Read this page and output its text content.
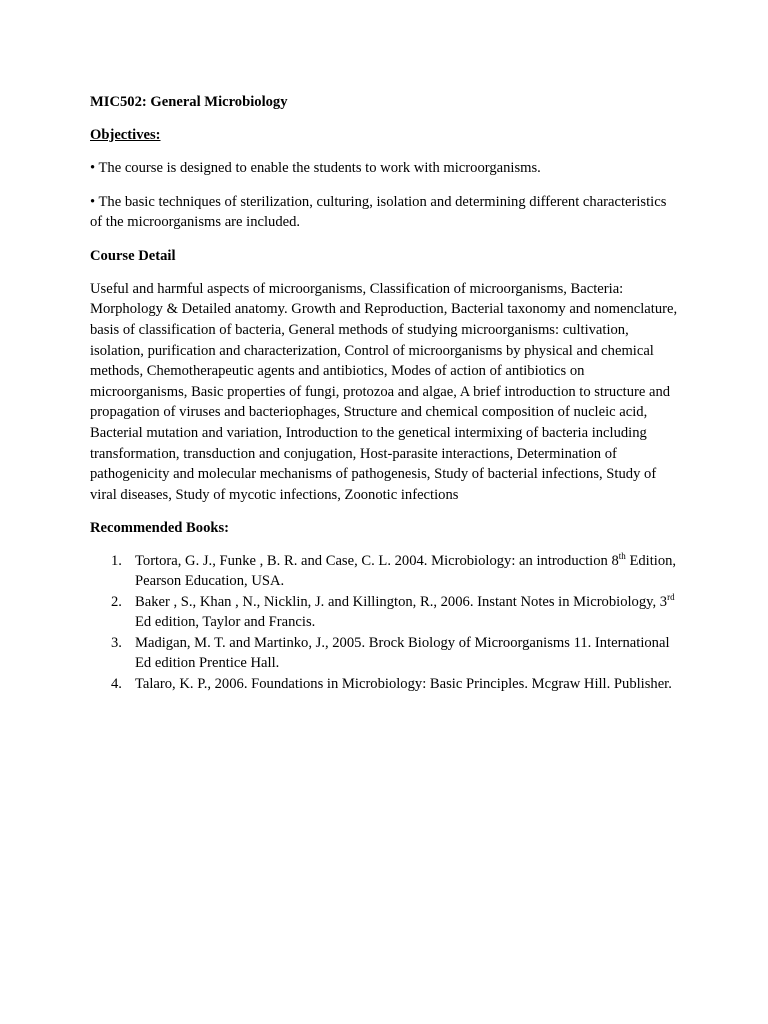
MIC502: General Microbiology
Objectives:
• The course is designed to enable the students to work with microorganisms.
• The basic techniques of sterilization, culturing, isolation and determining different characteristics of the microorganisms are included.
Course Detail
Useful and harmful aspects of microorganisms, Classification of microorganisms, Bacteria: Morphology & Detailed anatomy. Growth and Reproduction, Bacterial taxonomy and nomenclature, basis of classification of bacteria, General methods of studying microorganisms: cultivation, isolation, purification and characterization, Control of microorganisms by physical and chemical methods, Chemotherapeutic agents and antibiotics, Modes of action of antibiotics on microorganisms, Basic properties of fungi, protozoa and algae, A brief introduction to structure and propagation of viruses and bacteriophages, Structure and chemical composition of nucleic acid, Bacterial mutation and variation, Introduction to the genetical intermixing of bacteria including transformation, transduction and conjugation, Host-parasite interactions, Determination of pathogenicity and molecular mechanisms of pathogenesis, Study of bacterial infections, Study of viral diseases, Study of mycotic infections, Zoonotic infections
Recommended Books:
1. Tortora, G. J., Funke , B. R. and Case, C. L. 2004. Microbiology: an introduction 8th Edition, Pearson Education, USA.
2. Baker , S., Khan , N., Nicklin, J. and Killington, R., 2006. Instant Notes in Microbiology, 3rd Ed edition, Taylor and Francis.
3. Madigan, M. T. and Martinko, J., 2005. Brock Biology of Microorganisms 11. International Ed edition Prentice Hall.
4. Talaro, K. P., 2006. Foundations in Microbiology: Basic Principles. Mcgraw Hill. Publisher.
